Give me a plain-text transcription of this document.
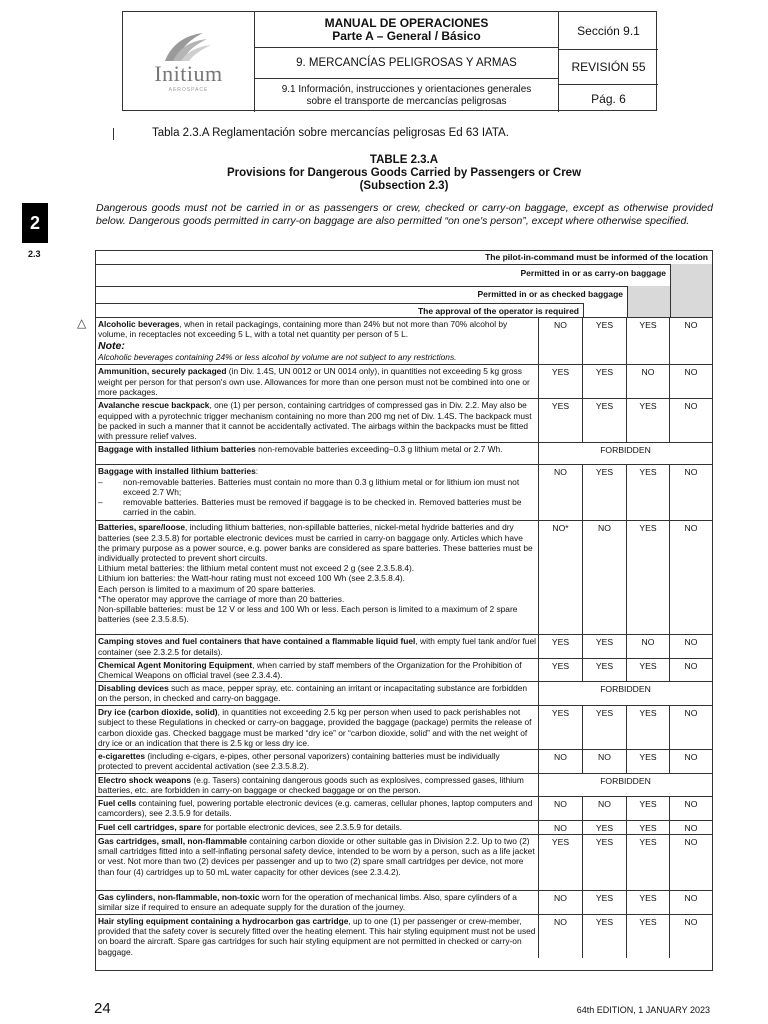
Initium
AEROSPACE
MANUAL DE OPERACIONES
Parte A – General / Básico
9. MERCANCÍAS PELIGROSAS Y ARMAS
9.1 Información, instrucciones y orientaciones generales
sobre el transporte de mercancías peligrosas
Sección 9.1
REVISIÓN 55
Pág. 6
Tabla 2.3.A Reglamentación sobre mercancías peligrosas Ed 63 IATA.
TABLE 2.3.A
Provisions for Dangerous Goods Carried by Passengers or Crew
(Subsection 2.3)
Dangerous goods must not be carried in or as passengers or crew, checked or carry-on baggage, except as otherwise provided below. Dangerous goods permitted in carry-on baggage are also permitted “on one's person”, except where otherwise specified.
2
2.3
△
The pilot-in-command must be informed of the location
Permitted in or as carry-on baggage
Permitted in or as checked baggage
The approval of the operator is required
Alcoholic beverages, when in retail packagings, containing more than 24% but not more than 70% alcohol by volume, in receptacles not exceeding 5 L, with a total net quantity per person of 5 L.
NO	YES	YES	NO
Note:
Alcoholic beverages containing 24% or less alcohol by volume are not subject to any restrictions.
Ammunition, securely packaged (in Div. 1.4S, UN 0012 or UN 0014 only), in quantities not exceeding 5 kg gross weight per person for that person's own use. Allowances for more than one person must not be combined into one or more packages.
YES	YES	NO	NO
Avalanche rescue backpack, one (1) per person, containing cartridges of compressed gas in Div. 2.2. May also be equipped with a pyrotechnic trigger mechanism containing no more than 200 mg net of Div. 1.4S. The backpack must be packed in such a manner that it cannot be accidentally activated. The airbags within the backpacks must be fitted with pressure relief valves.
YES	YES	YES	NO
Baggage with installed lithium batteries non-removable batteries exceeding–0.3 g lithium metal or 2.7 Wh.	FORBIDDEN
Baggage with installed lithium batteries:
–	non-removable batteries. Batteries must contain no more than 0.3 g lithium metal or for lithium ion must not exceed 2.7 Wh;
–	removable batteries. Batteries must be removed if baggage is to be checked in. Removed batteries must be carried in the cabin.
NO	YES	YES	NO
Batteries, spare/loose, including lithium batteries, non-spillable batteries, nickel-metal hydride batteries and dry batteries (see 2.3.5.8) for portable electronic devices must be carried in carry-on baggage only. Articles which have the primary purpose as a power source, e.g. power banks are considered as spare batteries. These batteries must be individually protected to prevent short circuits.
Lithium metal batteries: the lithium metal content must not exceed 2 g (see 2.3.5.8.4).
Lithium ion batteries: the Watt-hour rating must not exceed 100 Wh (see 2.3.5.8.4).
Each person is limited to a maximum of 20 spare batteries.
*The operator may approve the carriage of more than 20 batteries.
Non-spillable batteries: must be 12 V or less and 100 Wh or less. Each person is limited to a maximum of 2 spare batteries (see 2.3.5.8.5).
NO*	NO	YES	NO
Camping stoves and fuel containers that have contained a flammable liquid fuel, with empty fuel tank and/or fuel container (see 2.3.2.5 for details).
YES	YES	NO	NO
Chemical Agent Monitoring Equipment, when carried by staff members of the Organization for the Prohibition of Chemical Weapons on official travel (see 2.3.4.4).
YES	YES	YES	NO
Disabling devices such as mace, pepper spray, etc. containing an irritant or incapacitating substance are forbidden on the person, in checked and carry-on baggage.
FORBIDDEN
Dry ice (carbon dioxide, solid), in quantities not exceeding 2.5 kg per person when used to pack perishables not subject to these Regulations in checked or carry-on baggage, provided the baggage (package) permits the release of carbon dioxide gas. Checked baggage must be marked “dry ice” or “carbon dioxide, solid” and with the net weight of dry ice or an indication that there is 2.5 kg or less dry ice.
YES	YES	YES	NO
e-cigarettes (including e-cigars, e-pipes, other personal vaporizers) containing batteries must be individually protected to prevent accidental activation (see 2.3.5.8.2).
NO	NO	YES	NO
Electro shock weapons (e.g. Tasers) containing dangerous goods such as explosives, compressed gases, lithium batteries, etc. are forbidden in carry-on baggage or checked baggage or on the person.
FORBIDDEN
Fuel cells containing fuel, powering portable electronic devices (e.g. cameras, cellular phones, laptop computers and camcorders), see 2.3.5.9 for details.
NO	NO	YES	NO
Fuel cell cartridges, spare for portable electronic devices, see 2.3.5.9 for details.	NO	YES	YES	NO
Gas cartridges, small, non-flammable containing carbon dioxide or other suitable gas in Division 2.2. Up to two (2) small cartridges fitted into a self-inflating personal safety device, intended to be worn by a person, such as a life jacket or vest. Not more than two (2) devices per passenger and up to two (2) spare small cartridges per device, not more than four (4) cartridges up to 50 mL water capacity for other devices (see 2.3.4.2).
YES	YES	YES	NO
Gas cylinders, non-flammable, non-toxic worn for the operation of mechanical limbs. Also, spare cylinders of a similar size if required to ensure an adequate supply for the duration of the journey.
NO	YES	YES	NO
Hair styling equipment containing a hydrocarbon gas cartridge, up to one (1) per passenger or crew-member, provided that the safety cover is securely fitted over the heating element. This hair styling equipment must not be used on board the aircraft. Spare gas cartridges for such hair styling equipment are not permitted in checked or carry-on baggage.
NO	YES	YES	NO
24	64th EDITION, 1 JANUARY 2023
